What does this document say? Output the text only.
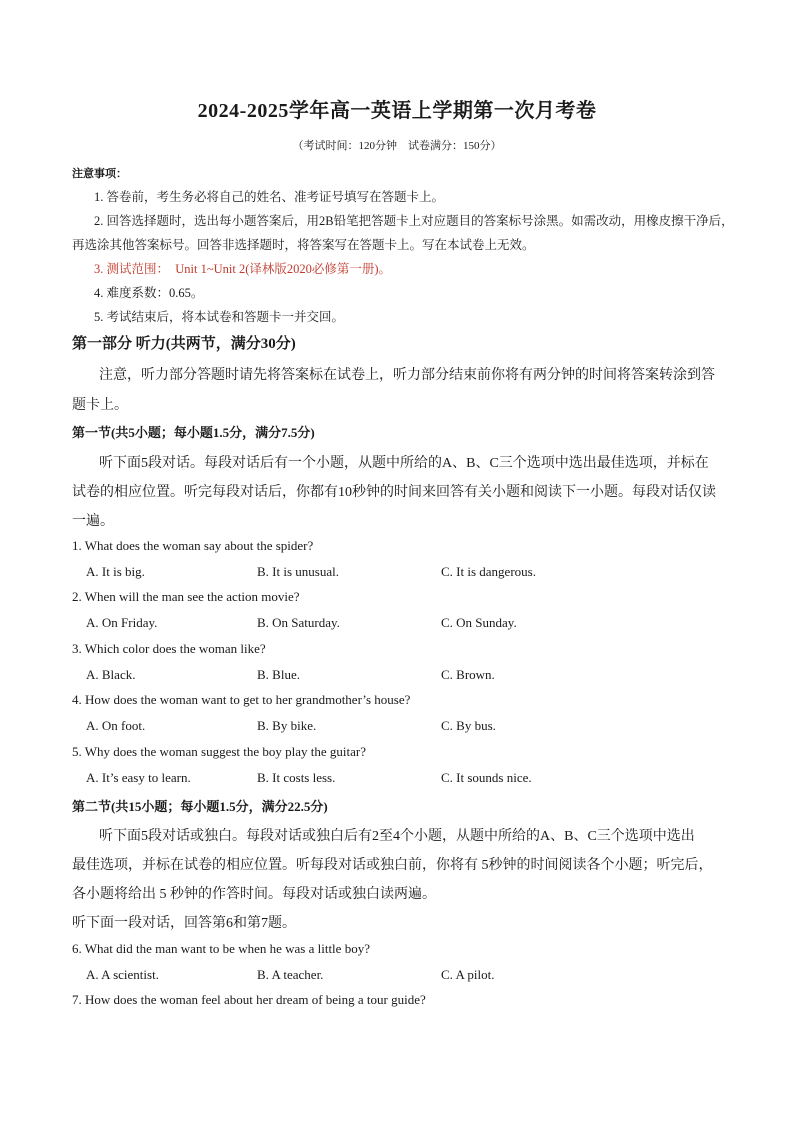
2024-2025学年高一英语上学期第一次月考卷
（考试时间：120分钟　试卷满分：150分）
注意事项：
1. 答卷前，考生务必将自己的姓名、准考证号填写在答题卡上。
2. 回答选择题时，选出每小题答案后，用2B铅笔把答题卡上对应题目的答案标号涂黑。如需改动，用橡皮擦干净后，
再选涂其他答案标号。回答非选择题时，将答案写在答题卡上。写在本试卷上无效。
3. 测试范围：　Unit 1~Unit 2(译林版2020必修第一册)。
4. 难度系数：0.65。
5. 考试结束后，将本试卷和答题卡一并交回。
第一部分 听力(共两节，满分30分)
注意，听力部分答题时请先将答案标在试卷上，听力部分结束前你将有两分钟的时间将答案转涂到答
题卡上。
第一节(共5小题；每小题1.5分，满分7.5分)
听下面5段对话。每段对话后有一个小题，从题中所给的A、B、C三个选项中选出最佳选项，并标在
试卷的相应位置。听完每段对话后，你都有10秒钟的时间来回答有关小题和阅读下一小题。每段对话仅读
一遍。
1. What does the woman say about the spider?
A. It is big.	B. It is unusual.	C. It is dangerous.
2. When will the man see the action movie?
A. On Friday.	B. On Saturday.	C. On Sunday.
3. Which color does the woman like?
A. Black.	B. Blue.	C. Brown.
4. How does the woman want to get to her grandmother’s house?
A. On foot.	B. By bike.	C. By bus.
5. Why does the woman suggest the boy play the guitar?
A. It’s easy to learn.	B. It costs less.	C. It sounds nice.
第二节(共15小题；每小题1.5分，满分22.5分)
听下面5段对话或独白。每段对话或独白后有2至4个小题，从题中所给的A、B、C三个选项中选出
最佳选项，并标在试卷的相应位置。听每段对话或独白前，你将有 5秒钟的时间阅读各个小题；听完后，
各小题将给出 5 秒钟的作答时间。每段对话或独白读两遍。
听下面一段对话，回答第6和第7题。
6. What did the man want to be when he was a little boy?
A. A scientist.	B. A teacher.	C. A pilot.
7. How does the woman feel about her dream of being a tour guide?
